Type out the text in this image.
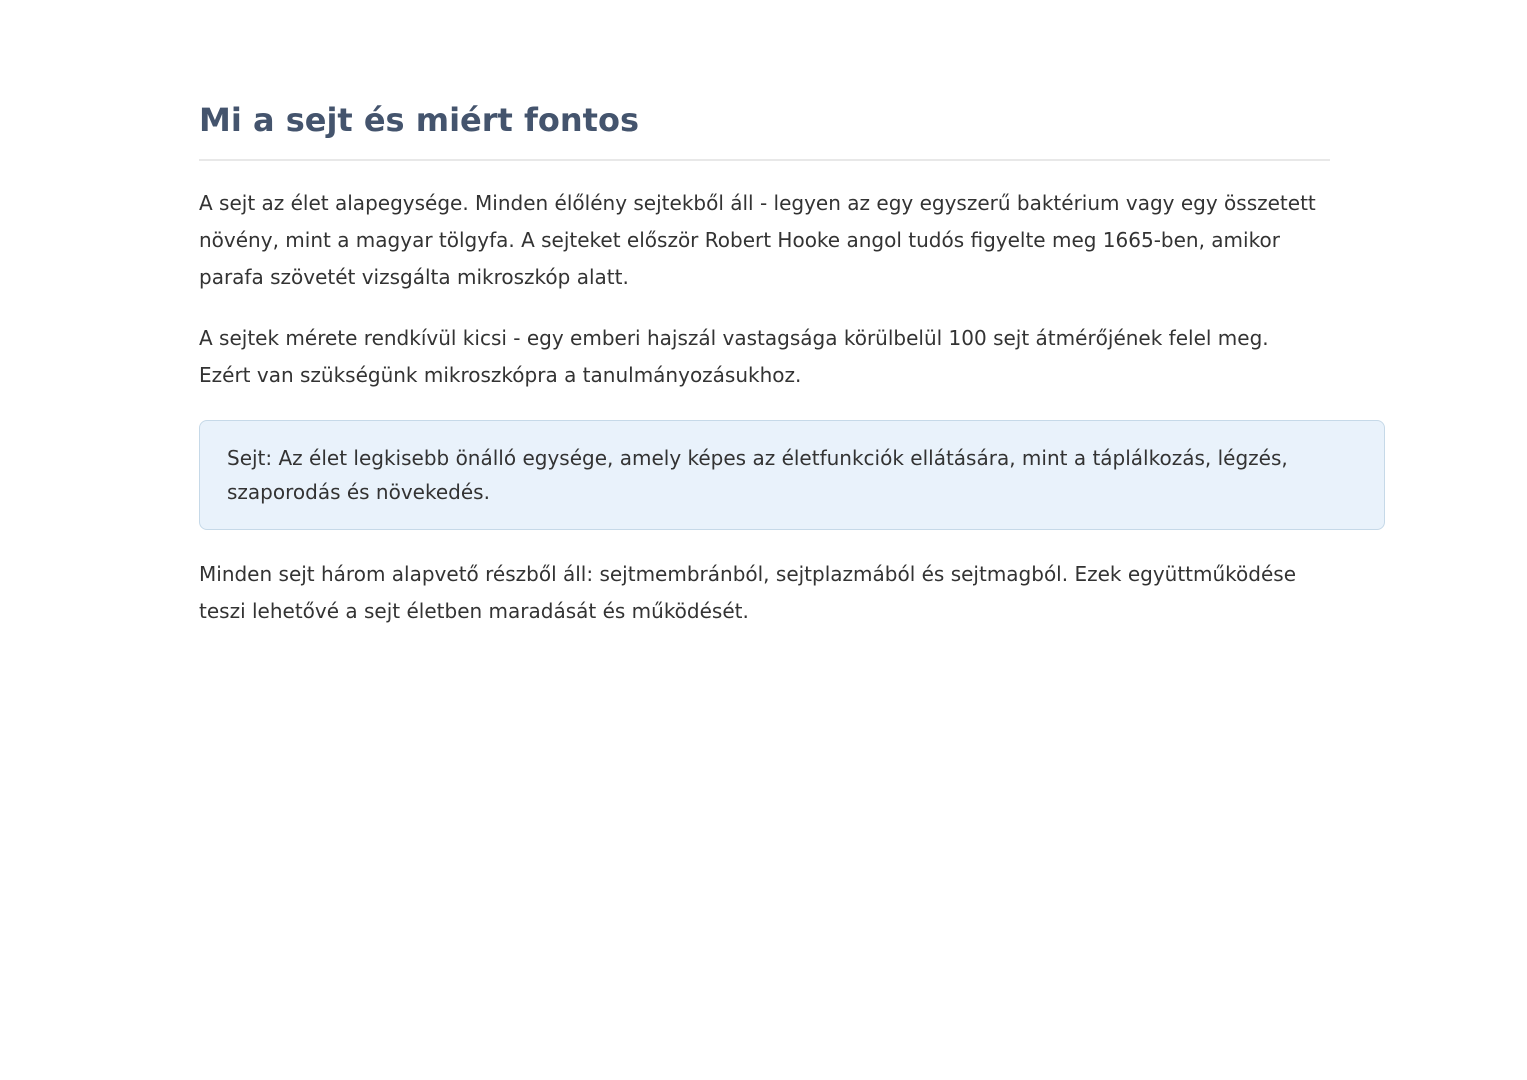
Mi a sejt és miért fontos

A sejt az élet alapegysége. Minden élőlény sejtekből áll - legyen az egy egyszerű baktérium vagy egy összetett növény, mint a magyar tölgyfa. A sejteket először Robert Hooke angol tudós figyelte meg 1665-ben, amikor parafa szövetét vizsgálta mikroszkóp alatt.

A sejtek mérete rendkívül kicsi - egy emberi hajszál vastagsága körülbelül 100 sejt átmérőjének felel meg. Ezért van szükségünk mikroszkópra a tanulmányozásukhoz.

Sejt: Az élet legkisebb önálló egysége, amely képes az életfunkciók ellátására, mint a táplálkozás, légzés, szaporodás és növekedés.

Minden sejt három alapvető részből áll: sejtmembránból, sejtplazmából és sejtmagból. Ezek együttműködése teszi lehetővé a sejt életben maradását és működését.
